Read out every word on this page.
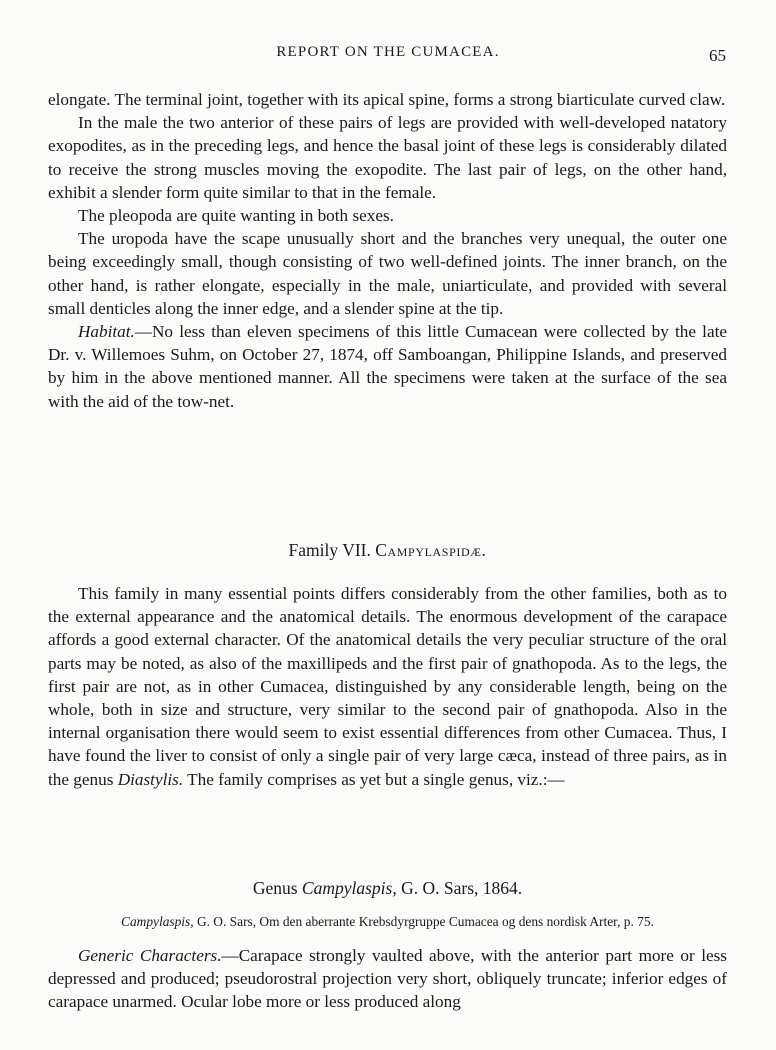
REPORT ON THE CUMACEA.	65

elongate. The terminal joint, together with its apical spine, forms a strong biarticulate curved claw.

In the male the two anterior of these pairs of legs are provided with well-developed natatory exopodites, as in the preceding legs, and hence the basal joint of these legs is considerably dilated to receive the strong muscles moving the exopodite. The last pair of legs, on the other hand, exhibit a slender form quite similar to that in the female.

The pleopoda are quite wanting in both sexes.

The uropoda have the scape unusually short and the branches very unequal, the outer one being exceedingly small, though consisting of two well-defined joints. The inner branch, on the other hand, is rather elongate, especially in the male, uniarticulate, and provided with several small denticles along the inner edge, and a slender spine at the tip.

Habitat.—No less than eleven specimens of this little Cumacean were collected by the late Dr. v. Willemoes Suhm, on October 27, 1874, off Samboangan, Philippine Islands, and preserved by him in the above mentioned manner. All the specimens were taken at the surface of the sea with the aid of the tow-net.

Family VII. Campylaspidæ.

This family in many essential points differs considerably from the other families, both as to the external appearance and the anatomical details. The enormous development of the carapace affords a good external character. Of the anatomical details the very peculiar structure of the oral parts may be noted, as also of the maxillipeds and the first pair of gnathopoda. As to the legs, the first pair are not, as in other Cumacea, distinguished by any considerable length, being on the whole, both in size and structure, very similar to the second pair of gnathopoda. Also in the internal organisation there would seem to exist essential differences from other Cumacea. Thus, I have found the liver to consist of only a single pair of very large cæca, instead of three pairs, as in the genus Diastylis. The family comprises as yet but a single genus, viz.:—

Genus Campylaspis, G. O. Sars, 1864.
Campylaspis, G. O. Sars, Om den aberrante Krebsdyrgruppe Cumacea og dens nordisk Arter, p. 75.

Generic Characters.—Carapace strongly vaulted above, with the anterior part more or less depressed and produced; pseudorostral projection very short, obliquely truncate; inferior edges of carapace unarmed. Ocular lobe more or less produced along
